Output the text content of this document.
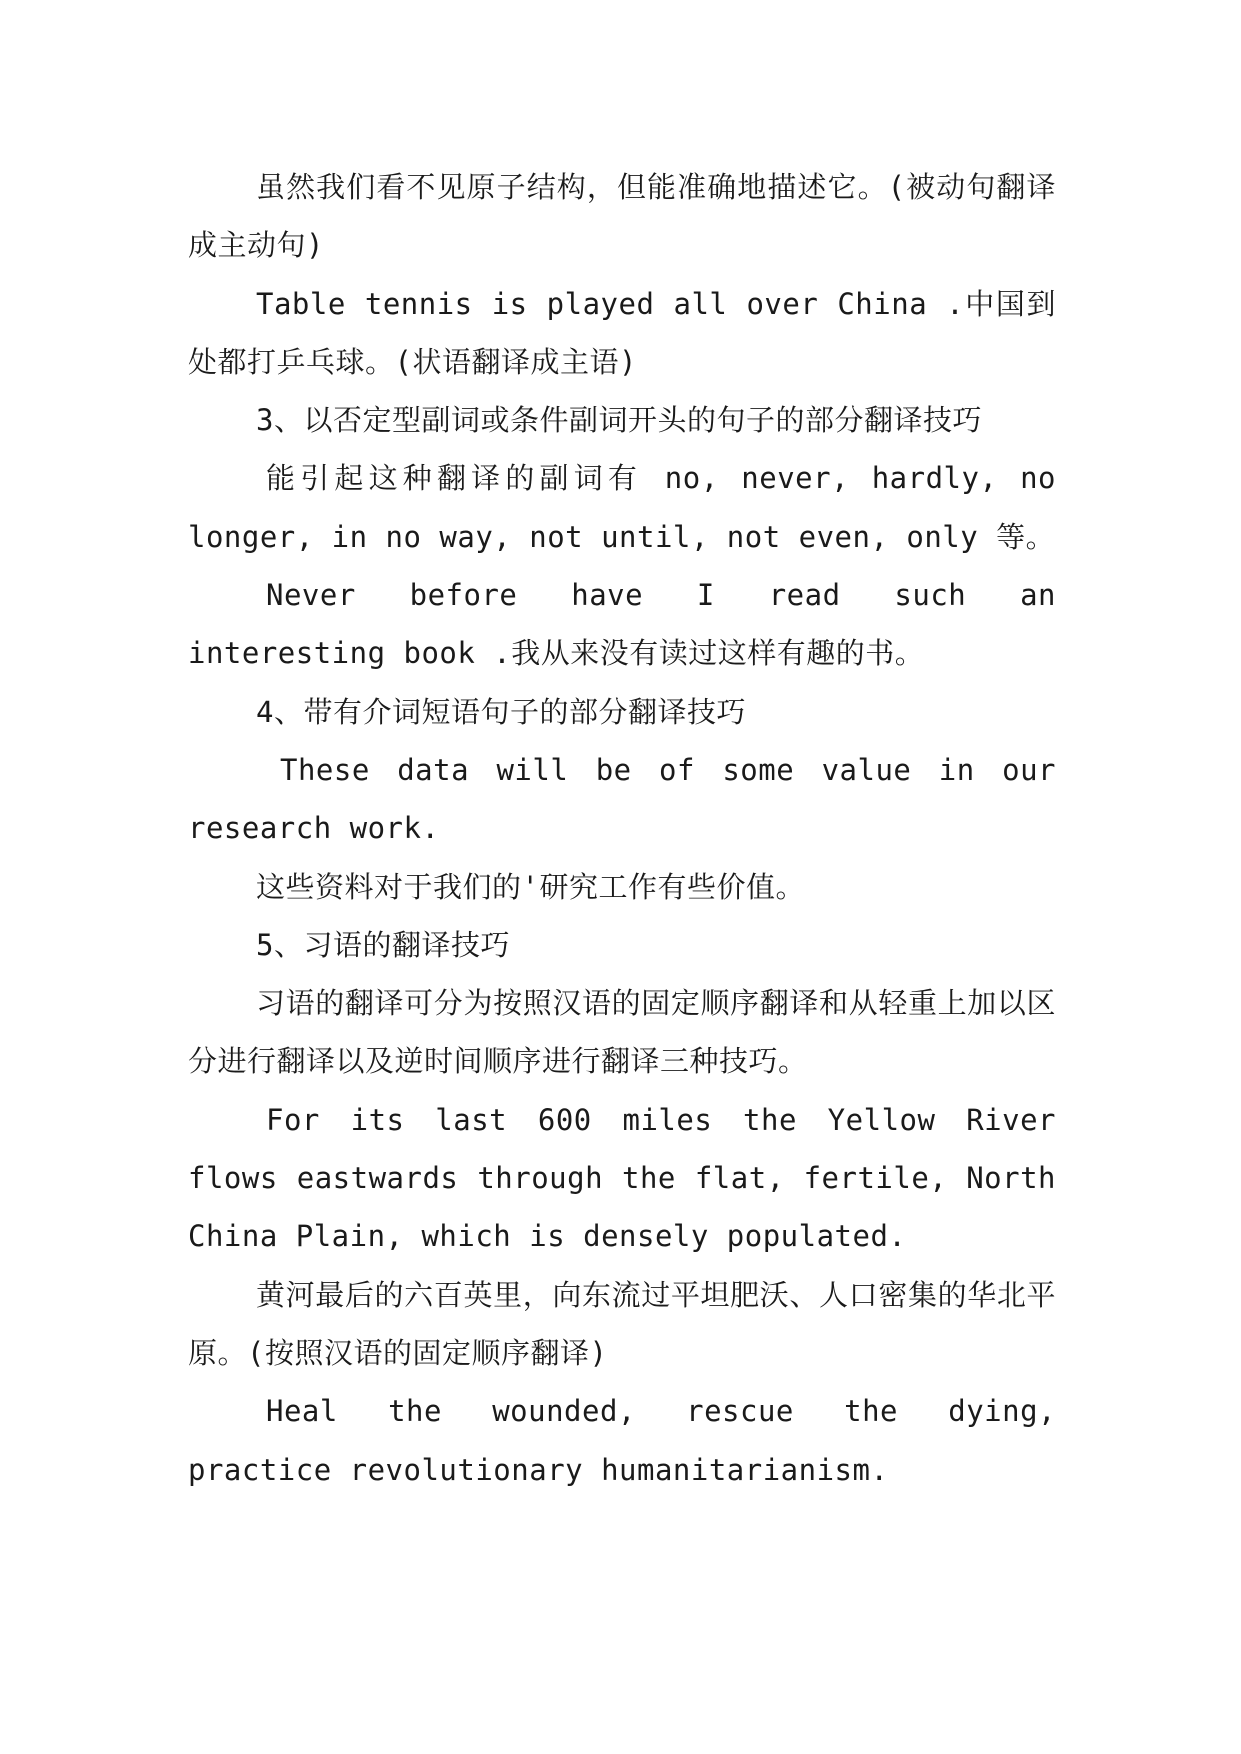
虽然我们看不见原子结构，但能准确地描述它。(被动句翻译成主动句)

Table tennis is played all over China .中国到处都打乒乓球。(状语翻译成主语)

3、以否定型副词或条件副词开头的句子的部分翻译技巧

能引起这种翻译的副词有 no, never, hardly, no longer, in no way, not until, not even, only 等。

Never before have I read such an interesting book .我从来没有读过这样有趣的书。

4、带有介词短语句子的部分翻译技巧

These data will be of some value in our research work.

这些资料对于我们的'研究工作有些价值。

5、习语的翻译技巧

习语的翻译可分为按照汉语的固定顺序翻译和从轻重上加以区分进行翻译以及逆时间顺序进行翻译三种技巧。

For its last 600 miles the Yellow River flows eastwards through the flat, fertile, North China Plain, which is densely populated.

黄河最后的六百英里，向东流过平坦肥沃、人口密集的华北平原。(按照汉语的固定顺序翻译)

Heal the wounded, rescue the dying, practice revolutionary humanitarianism.
